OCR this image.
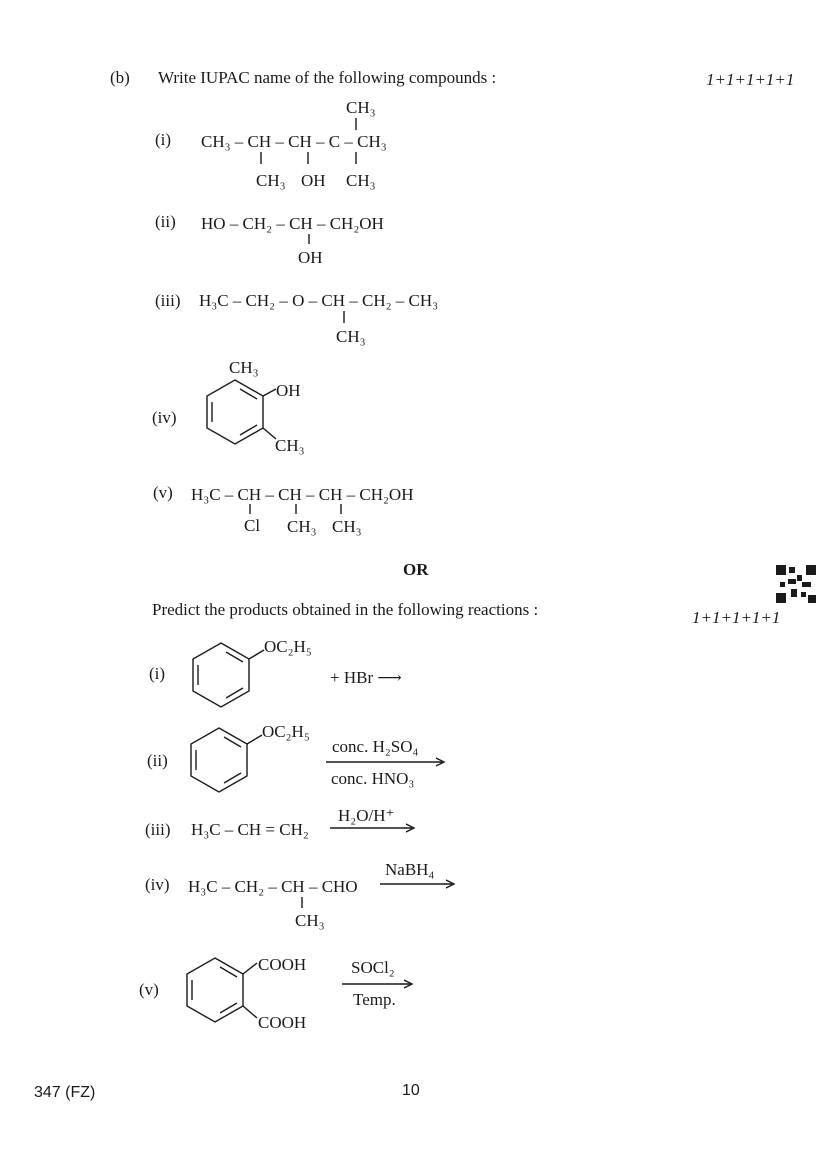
(b) Write IUPAC name of the following compounds :	1+1+1+1+1
(i)
CH₃
CH₃ – CH – CH – C – CH₃
CH₃ OH CH₃
(ii) HO – CH₂ – CH – CH₂OH
OH
(iii) H₃C – CH₂ – O – CH – CH₂ – CH₃
CH₃
(iv)
CH₃
OH
CH₃
(v) H₃C – CH – CH – CH – CH₂OH
Cl CH₃ CH₃
OR
Predict the products obtained in the following reactions :	1+1+1+1+1
(i)
OC₂H₅
+ HBr ⟶
(ii)
OC₂H₅
conc. H₂SO₄
conc. HNO₃
(iii) H₃C – CH = CH₂
H₂O/H⁺
(iv) H₃C – CH₂ – CH – CHO
CH₃
NaBH₄
(v)
COOH
COOH
SOCl₂
Temp.
347 (FZ)	10
